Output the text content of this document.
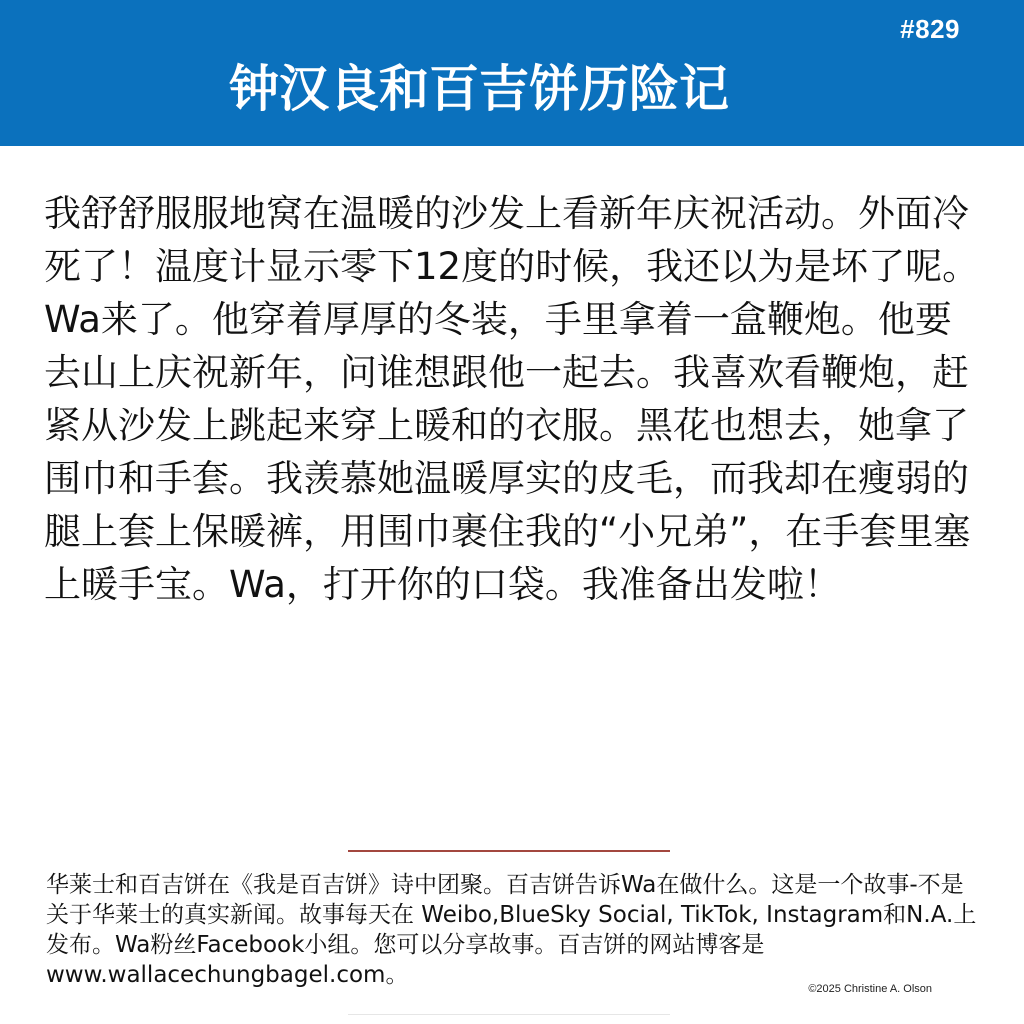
#829
钟汉良和百吉饼历险记

我舒舒服服地窝在温暖的沙发上看新年庆祝活动。外面冷死了！温度计显示零下12度的时候，我还以为是坏了呢。Wa来了。他穿着厚厚的冬装，手里拿着一盒鞭炮。他要去山上庆祝新年，问谁想跟他一起去。我喜欢看鞭炮，赶紧从沙发上跳起来穿上暖和的衣服。黑花也想去，她拿了围巾和手套。我羡慕她温暖厚实的皮毛，而我却在瘦弱的腿上套上保暖裤，用围巾裹住我的“小兄弟”，在手套里塞上暖手宝。Wa，打开你的口袋。我准备出发啦！

华莱士和百吉饼在《我是百吉饼》诗中团聚。百吉饼告诉Wa在做什么。这是一个故事-不是关于华莱士的真实新闻。故事每天在 Weibo,BlueSky Social, TikTok, Instagram和N.A.上发布。Wa粉丝Facebook小组。您可以分享故事。百吉饼的网站博客是www.wallacechungbagel.com。

©2025 Christine A. Olson
